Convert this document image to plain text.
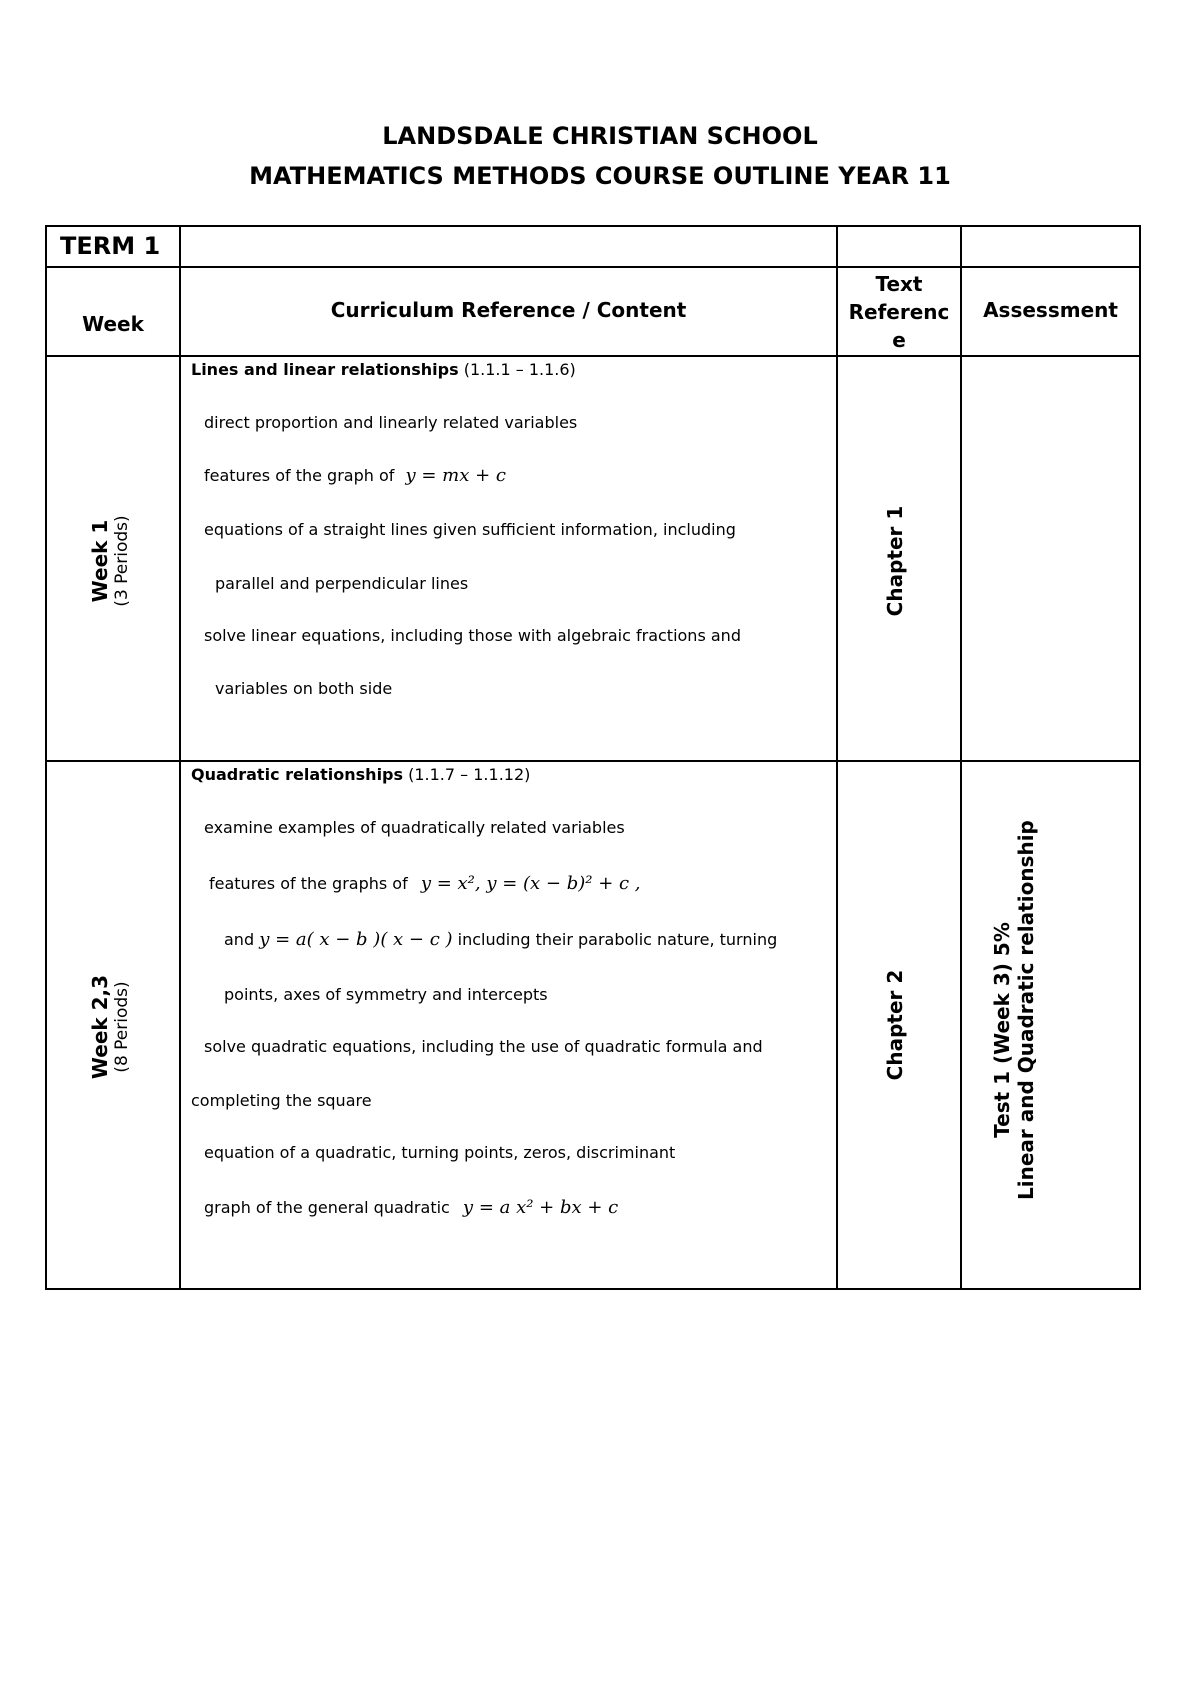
LANDSDALE CHRISTIAN SCHOOL
MATHEMATICS METHODS COURSE OUTLINE YEAR 11
TERM 1
Week
Curriculum Reference / Content
Text
Referenc
e
Assessment
Week 1 (3 Periods)
Lines and linear relationships (1.1.1 – 1.1.6)
direct proportion and linearly related variables
features of the graph of y = mx + c
equations of a straight lines given sufficient information, including
parallel and perpendicular lines
solve linear equations, including those with algebraic fractions and
variables on both side
Chapter 1
Week 2,3 (8 Periods)
Quadratic relationships (1.1.7 – 1.1.12)
examine examples of quadratically related variables
features of the graphs of y = x², y = (x − b)² + c ,
and y = a( x − b )( x − c ) including their parabolic nature, turning
points, axes of symmetry and intercepts
solve quadratic equations, including the use of quadratic formula and
completing the square
equation of a quadratic, turning points, zeros, discriminant
graph of the general quadratic y = a x² + bx + c
Chapter 2	Test 1 (Week 3) 5% Linear and Quadratic relationship
